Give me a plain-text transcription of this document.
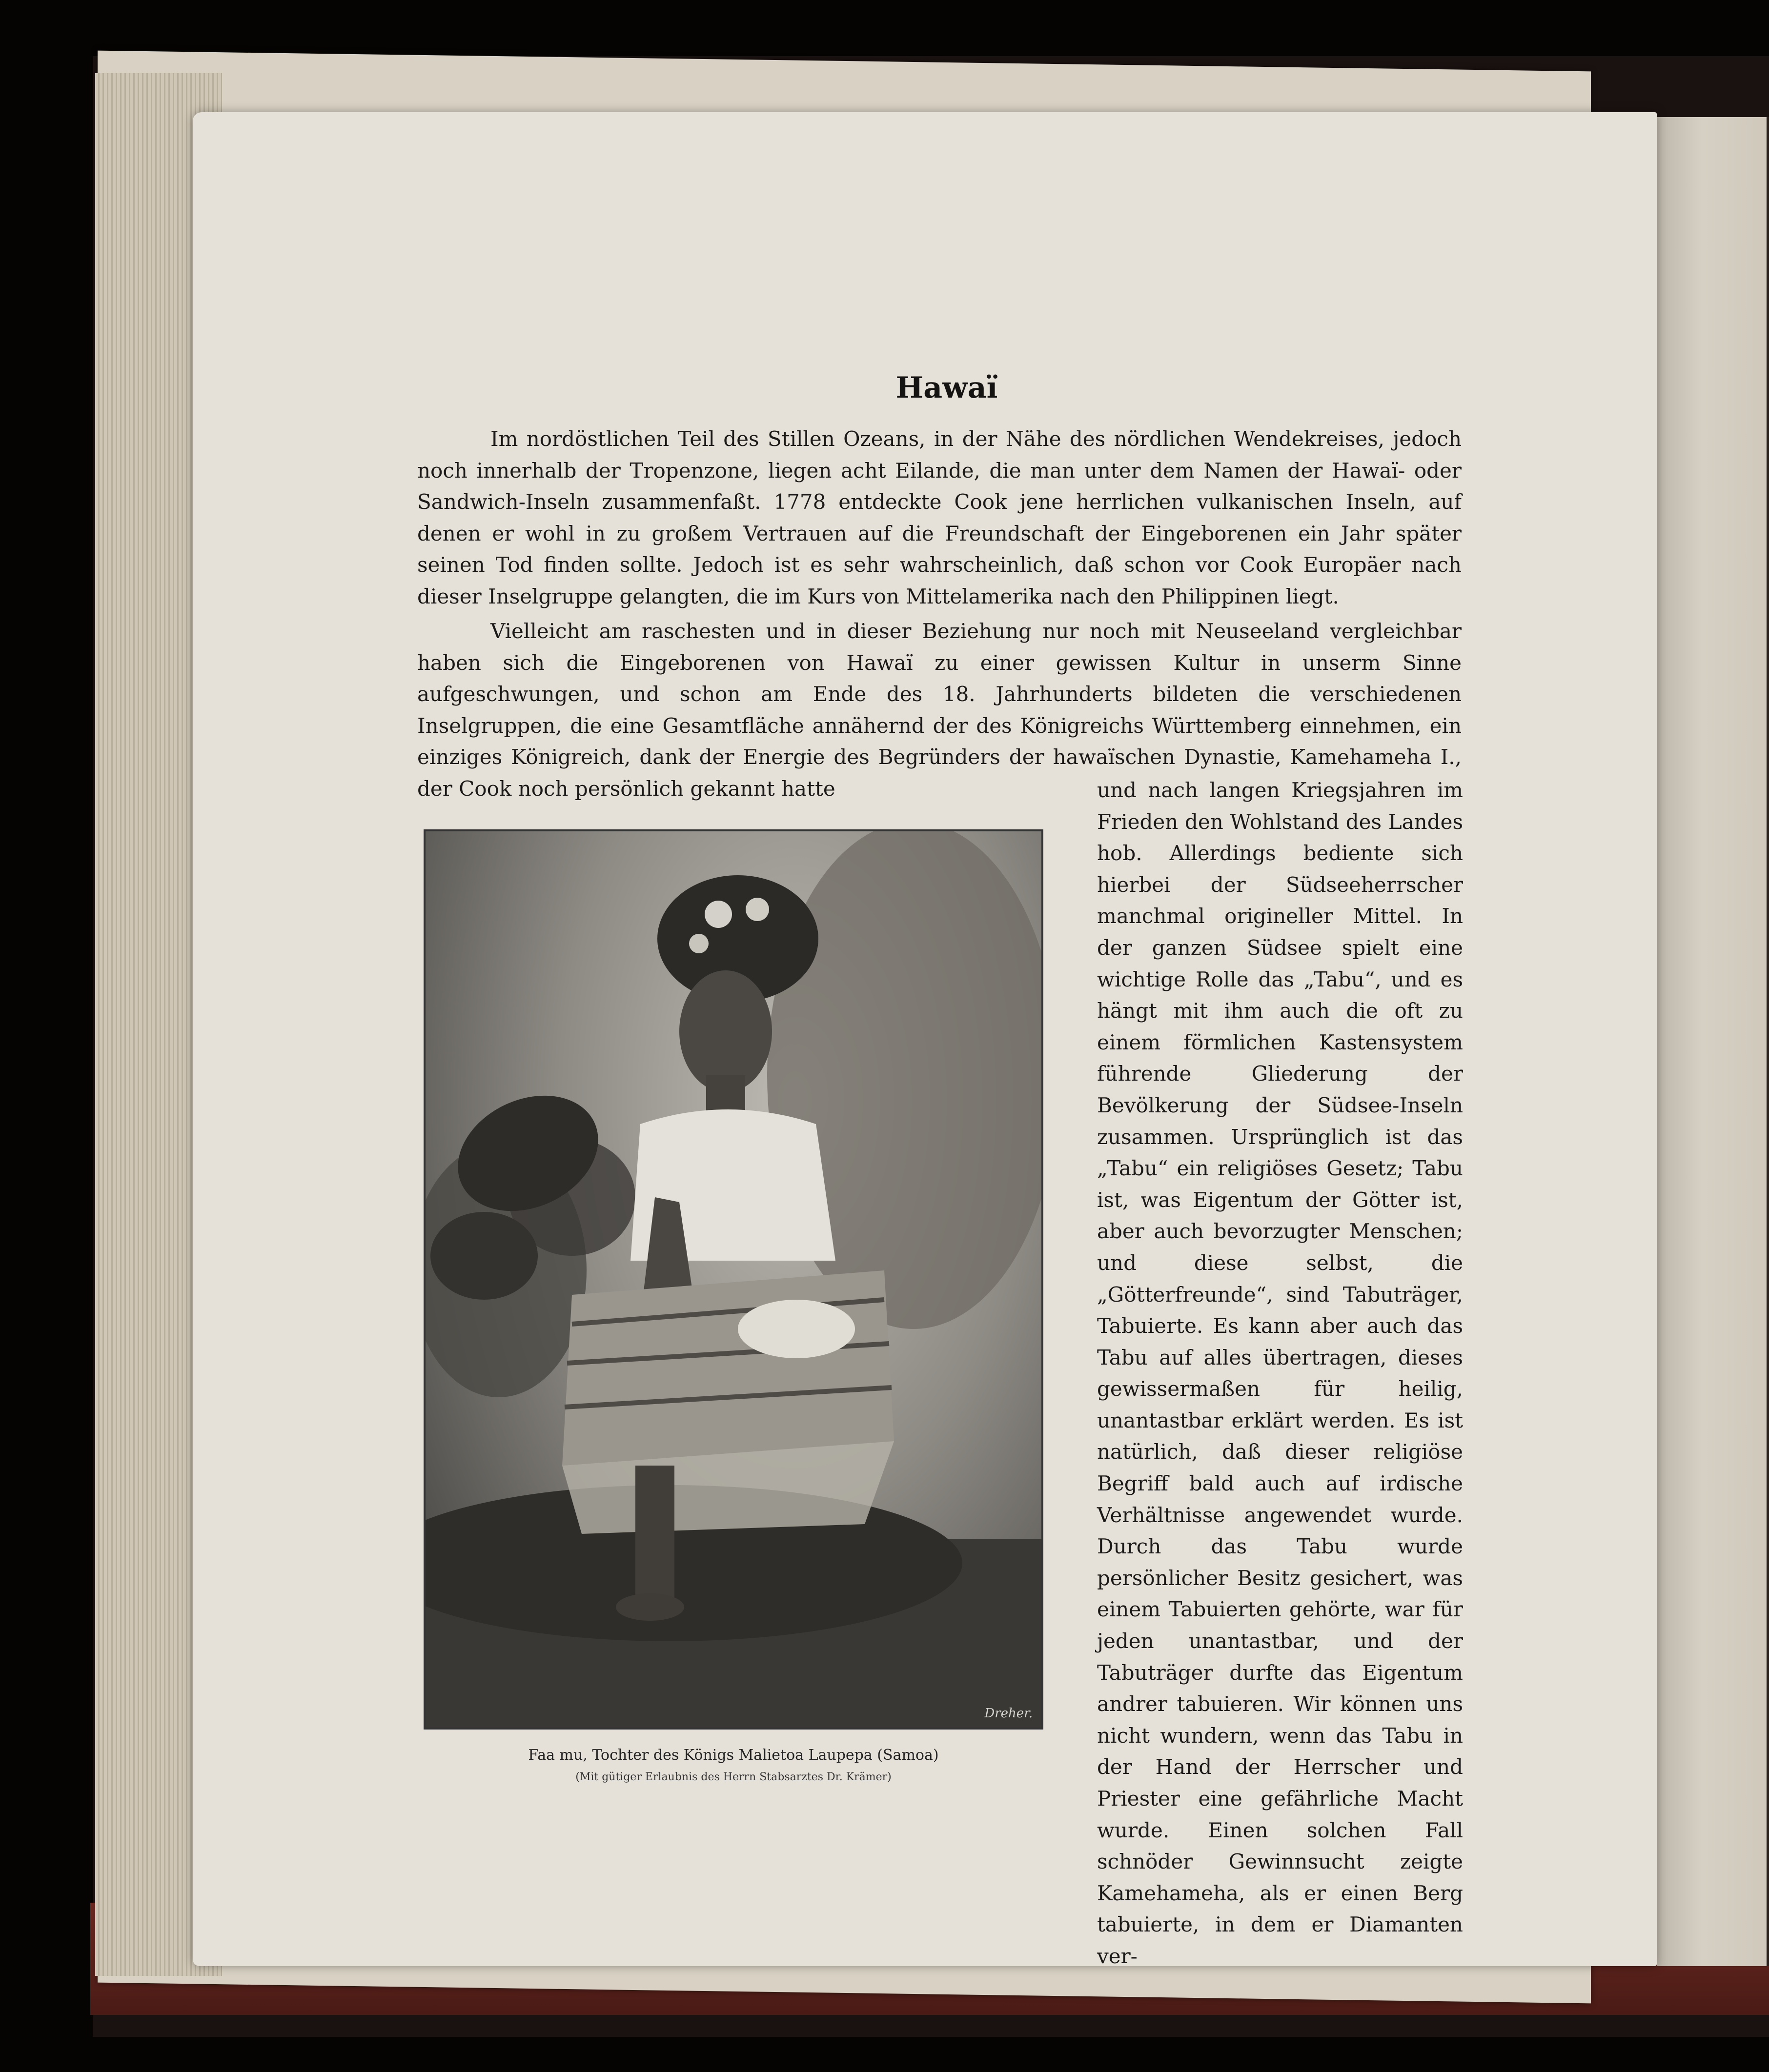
Hawaï

Im nordöstlichen Teil des Stillen Ozeans, in der Nähe des nördlichen Wendekreises, jedoch noch innerhalb der Tropenzone, liegen acht Eilande, die man unter dem Namen der Hawaï- oder Sandwich-Inseln zusammenfaßt. 1778 entdeckte Cook jene herrlichen vulkanischen Inseln, auf denen er wohl in zu großem Vertrauen auf die Freundschaft der Eingeborenen ein Jahr später seinen Tod finden sollte. Jedoch ist es sehr wahrscheinlich, daß schon vor Cook Europäer nach dieser Inselgruppe gelangten, die im Kurs von Mittelamerika nach den Philippinen liegt.

Vielleicht am raschesten und in dieser Beziehung nur noch mit Neuseeland vergleichbar haben sich die Eingeborenen von Hawaï zu einer gewissen Kultur in unserm Sinne aufgeschwungen, und schon am Ende des 18. Jahrhunderts bildeten die verschiedenen Inselgruppen, die eine Gesamtfläche annähernd der des Königreichs Württemberg einnehmen, ein einziges Königreich, dank der Energie des Begründers der hawaïschen Dynastie, Kamehameha I., der Cook noch persönlich gekannt hatte	und nach langen Kriegsjahren im Frieden den Wohlstand des Landes hob. Allerdings bediente sich hierbei der Südseeherrscher manchmal origineller Mittel. In der ganzen Südsee spielt eine wichtige Rolle das „Tabu“, und es hängt mit ihm auch die oft zu einem förmlichen Kastensystem führende Gliederung der Bevölkerung der Südsee-Inseln zusammen. Ursprünglich ist das „Tabu“ ein religiöses Gesetz; Tabu ist, was Eigentum der Götter ist, aber auch bevorzugter Menschen; und diese selbst, die „Götterfreunde“, sind Tabuträger, Tabuierte. Es kann aber auch das Tabu auf alles übertragen, dieses gewissermaßen für heilig, unantastbar erklärt werden. Es ist natürlich, daß dieser religiöse Begriff bald auch auf irdische Verhältnisse angewendet wurde. Durch das Tabu wurde persönlicher Besitz gesichert, was einem Tabuierten gehörte, war für jeden unantastbar, und der Tabuträger durfte das Eigentum andrer tabuieren. Wir können uns nicht wundern, wenn das Tabu in der Hand der Herrscher und Priester eine gefährliche Macht wurde. Einen solchen Fall schnöder Gewinnsucht zeigte Kamehameha, als er einen Berg tabuierte, in dem er Diamanten ver-

Dreher.
Faa mu, Tochter des Königs Malietoa Laupepa (Samoa)
(Mit gütiger Erlaubnis des Herrn Stabsarztes Dr. Krämer)
